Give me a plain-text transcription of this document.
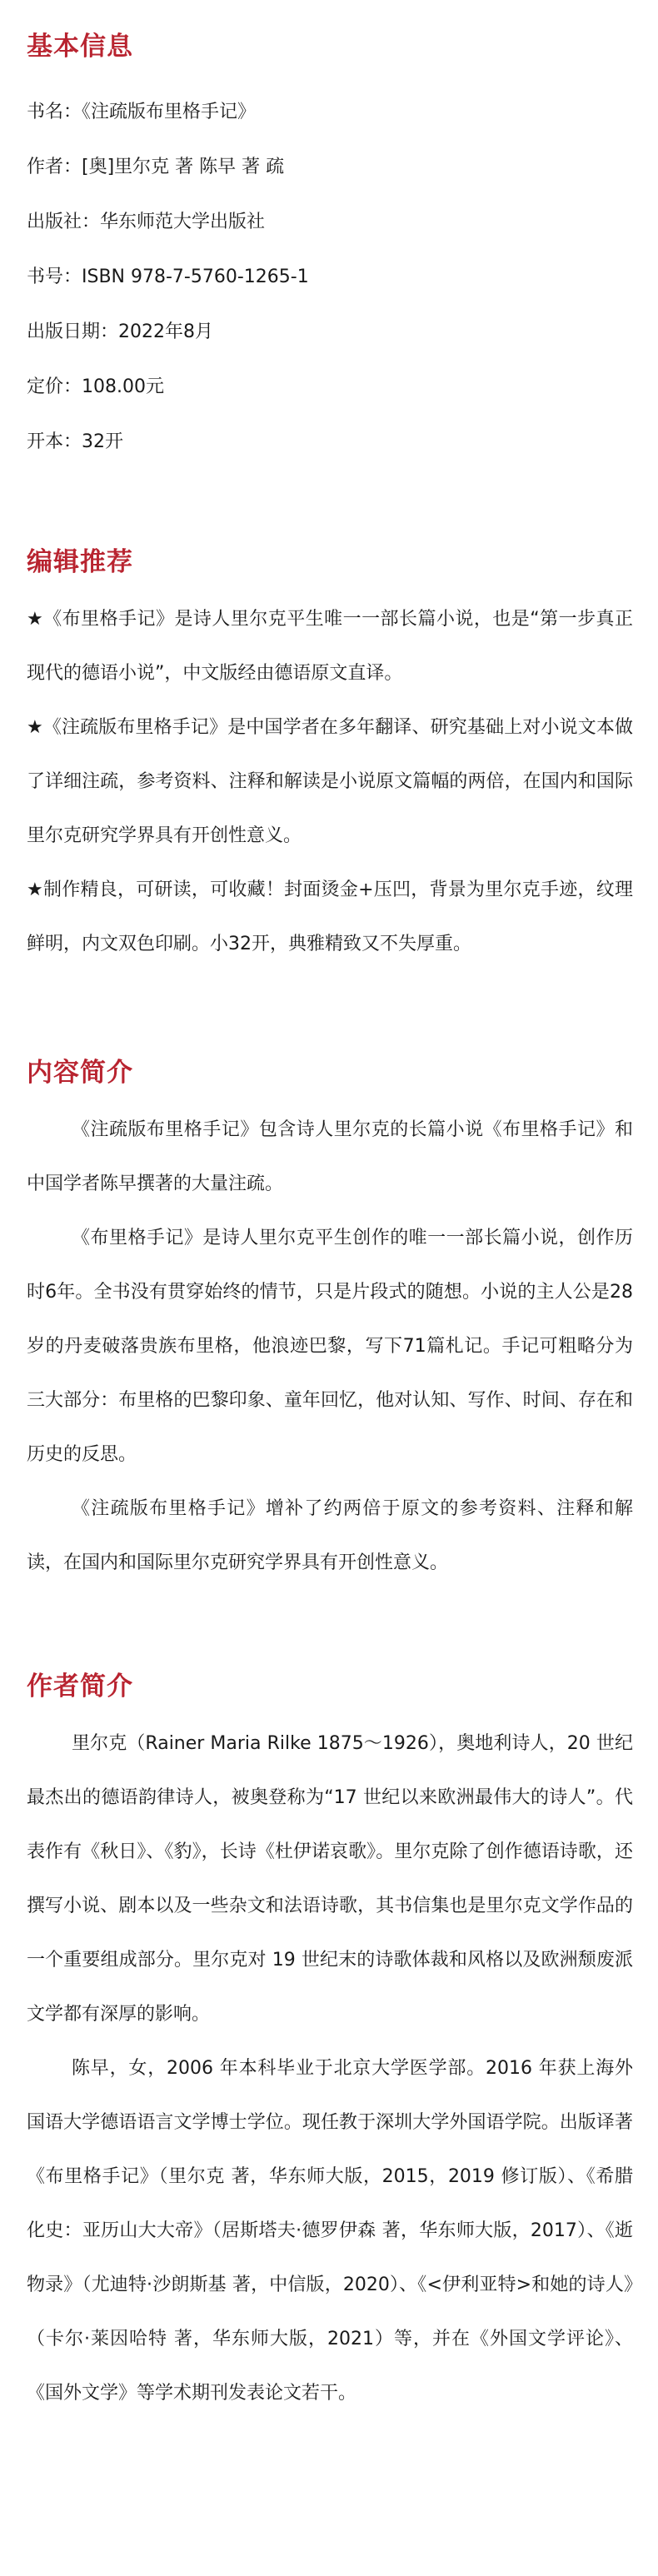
基本信息

书名：《注疏版布里格手记》

作者：[奥]里尔克 著 陈早 著 疏

出版社：华东师范大学出版社

书号：ISBN 978-7-5760-1265-1

出版日期：2022年8月

定价：108.00元

开本：32开

编辑推荐

★《布里格手记》是诗人里尔克平生唯一一部长篇小说，也是“第一步真正现代的德语小说”，中文版经由德语原文直译。

★《注疏版布里格手记》是中国学者在多年翻译、研究基础上对小说文本做了详细注疏，参考资料、注释和解读是小说原文篇幅的两倍，在国内和国际里尔克研究学界具有开创性意义。

★制作精良，可研读，可收藏！封面烫金+压凹，背景为里尔克手迹，纹理鲜明，内文双色印刷。小32开，典雅精致又不失厚重。

内容简介

《注疏版布里格手记》包含诗人里尔克的长篇小说《布里格手记》和中国学者陈早撰著的大量注疏。

《布里格手记》是诗人里尔克平生创作的唯一一部长篇小说，创作历时6年。全书没有贯穿始终的情节，只是片段式的随想。小说的主人公是28岁的丹麦破落贵族布里格，他浪迹巴黎，写下71篇札记。手记可粗略分为三大部分：布里格的巴黎印象、童年回忆，他对认知、写作、时间、存在和历史的反思。

《注疏版布里格手记》增补了约两倍于原文的参考资料、注释和解读，在国内和国际里尔克研究学界具有开创性意义。

作者简介

里尔克（Rainer Maria Rilke 1875～1926），奥地利诗人，20 世纪最杰出的德语韵律诗人，被奥登称为“17 世纪以来欧洲最伟大的诗人”。代表作有《秋日》、《豹》，长诗《杜伊诺哀歌》。里尔克除了创作德语诗歌，还撰写小说、剧本以及一些杂文和法语诗歌，其书信集也是里尔克文学作品的一个重要组成部分。里尔克对 19 世纪末的诗歌体裁和风格以及欧洲颓废派文学都有深厚的影响。

陈早，女，2006 年本科毕业于北京大学医学部。2016 年获上海外国语大学德语语言文学博士学位。现任教于深圳大学外国语学院。出版译著《布里格手记》（里尔克 著，华东师大版，2015，2019 修订版）、《希腊化史：亚历山大大帝》（居斯塔夫·德罗伊森 著，华东师大版，2017）、《逝物录》（尤迪特·沙朗斯基 著，中信版，2020）、《<伊利亚特>和她的诗人》（卡尔·莱因哈特 著，华东师大版，2021）等，并在《外国文学评论》、《国外文学》等学术期刊发表论文若干。
